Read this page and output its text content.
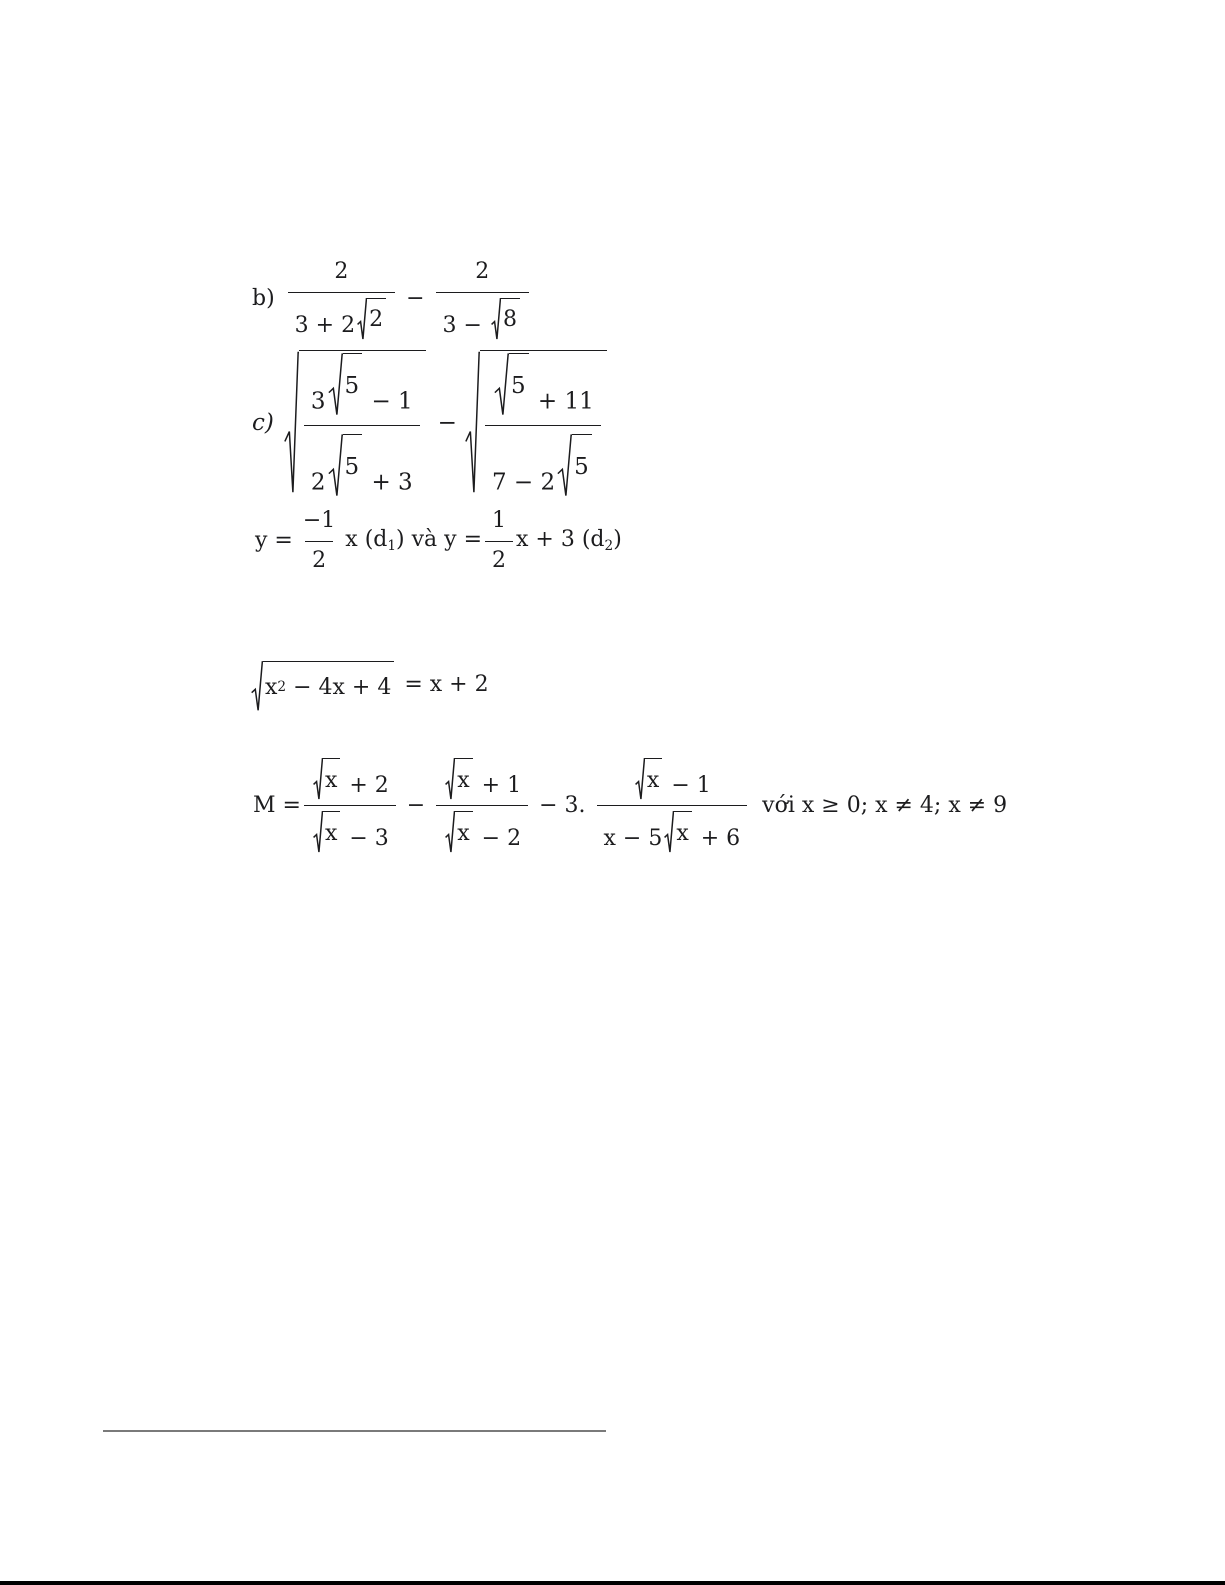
$b) \frac{2}{3 + 2 2} - \frac{2}{3 - 8}$
c) 3
5
− 1
2
5
+ 3 − 5
+ 11
7 − 2
5
$y = \frac{-1}{2}$ x $(d_1)$ và $y = \frac{1}{2}$ x + 3 $(d_2)$
x 2 − 4x + 4 = x + 2
$M = \frac{x + 2}{x - 3} - \frac{x + 1}{x - 2} - 3$. $\frac{x - 1}{x - 5 x + 6}$ với x ≥ 0; x ≠ 4; x ≠ 9
